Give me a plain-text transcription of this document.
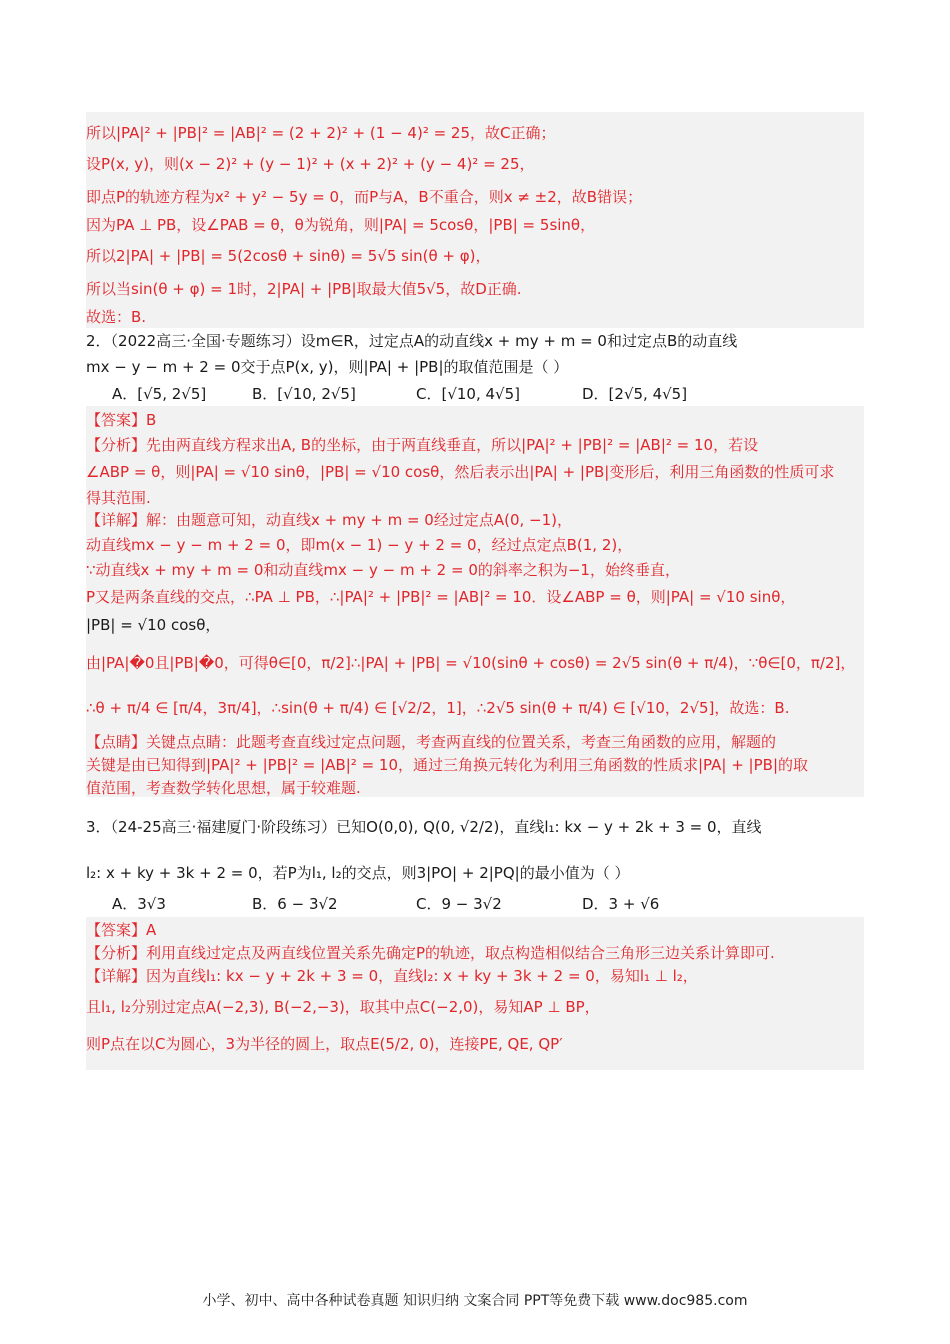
所以|PA|² + |PB|² = |AB|² = (2 + 2)² + (1 − 4)² = 25，故C正确；
设P(x, y)，则(x − 2)² + (y − 1)² + (x + 2)² + (y − 4)² = 25，
即点P的轨迹方程为x² + y² − 5y = 0，而P与A，B不重合，则x ≠ ±2，故B错误；
因为PA ⊥ PB，设∠PAB = θ，θ为锐角，则|PA| = 5cosθ，|PB| = 5sinθ，
所以2|PA| + |PB| = 5(2cosθ + sinθ) = 5√5 sin(θ + φ)，
所以当sin(θ + φ) = 1时，2|PA| + |PB|取最大值5√5，故D正确.
故选：B.
2．（2022高三·全国·专题练习）设m∈R，过定点A的动直线x + my + m = 0和过定点B的动直线
mx − y − m + 2 = 0交于点P(x, y)，则|PA| + |PB|的取值范围是（ ）
A．[√5, 2√5]	B．[√10, 2√5]	C．[√10, 4√5]	D．[2√5, 4√5]
【答案】B
【分析】先由两直线方程求出A, B的坐标，由于两直线垂直，所以|PA|² + |PB|² = |AB|² = 10，若设
∠ABP = θ，则|PA| = √10 sinθ，|PB| = √10 cosθ，然后表示出|PA| + |PB|变形后，利用三角函数的性质可求
得其范围.
【详解】解：由题意可知，动直线x + my + m = 0经过定点A(0, −1)，
动直线mx − y − m + 2 = 0，即m(x − 1) − y + 2 = 0，经过点定点B(1, 2)，
∵动直线x + my + m = 0和动直线mx − y − m + 2 = 0的斜率之积为−1，始终垂直，
P又是两条直线的交点，∴PA ⊥ PB，∴|PA|² + |PB|² = |AB|² = 10．设∠ABP = θ，则|PA| = √10 sinθ，
|PB| = √10 cosθ，
由|PA|�0且|PB|�0，可得θ∈[0，π/2]∴|PA| + |PB| = √10(sinθ + cosθ) = 2√5 sin(θ + π/4)，∵θ∈[0，π/2]，
∴θ + π/4 ∈ [π/4，3π/4]，∴sin(θ + π/4) ∈ [√2/2，1]，∴2√5 sin(θ + π/4) ∈ [√10，2√5]，故选：B.
【点睛】关键点点睛：此题考查直线过定点问题，考查两直线的位置关系，考查三角函数的应用，解题的
关键是由已知得到|PA|² + |PB|² = |AB|² = 10，通过三角换元转化为利用三角函数的性质求|PA| + |PB|的取
值范围，考查数学转化思想，属于较难题.
3．（24-25高三·福建厦门·阶段练习）已知O(0,0), Q(0, √2/2)，直线l₁: kx − y + 2k + 3 = 0，直线
l₂: x + ky + 3k + 2 = 0，若P为l₁, l₂的交点，则3|PO| + 2|PQ|的最小值为（ ）
A．3√3	B．6 − 3√2	C．9 − 3√2	D．3 + √6
【答案】A
【分析】利用直线过定点及两直线位置关系先确定P的轨迹，取点构造相似结合三角形三边关系计算即可.
【详解】因为直线l₁: kx − y + 2k + 3 = 0，直线l₂: x + ky + 3k + 2 = 0，易知l₁ ⊥ l₂，
且l₁, l₂分别过定点A(−2,3), B(−2,−3)，取其中点C(−2,0)，易知AP ⊥ BP，
则P点在以C为圆心，3为半径的圆上，取点E(5/2, 0)，连接PE, QE, QP′
小学、初中、高中各种试卷真题 知识归纳 文案合同 PPT等免费下载 www.doc985.com
